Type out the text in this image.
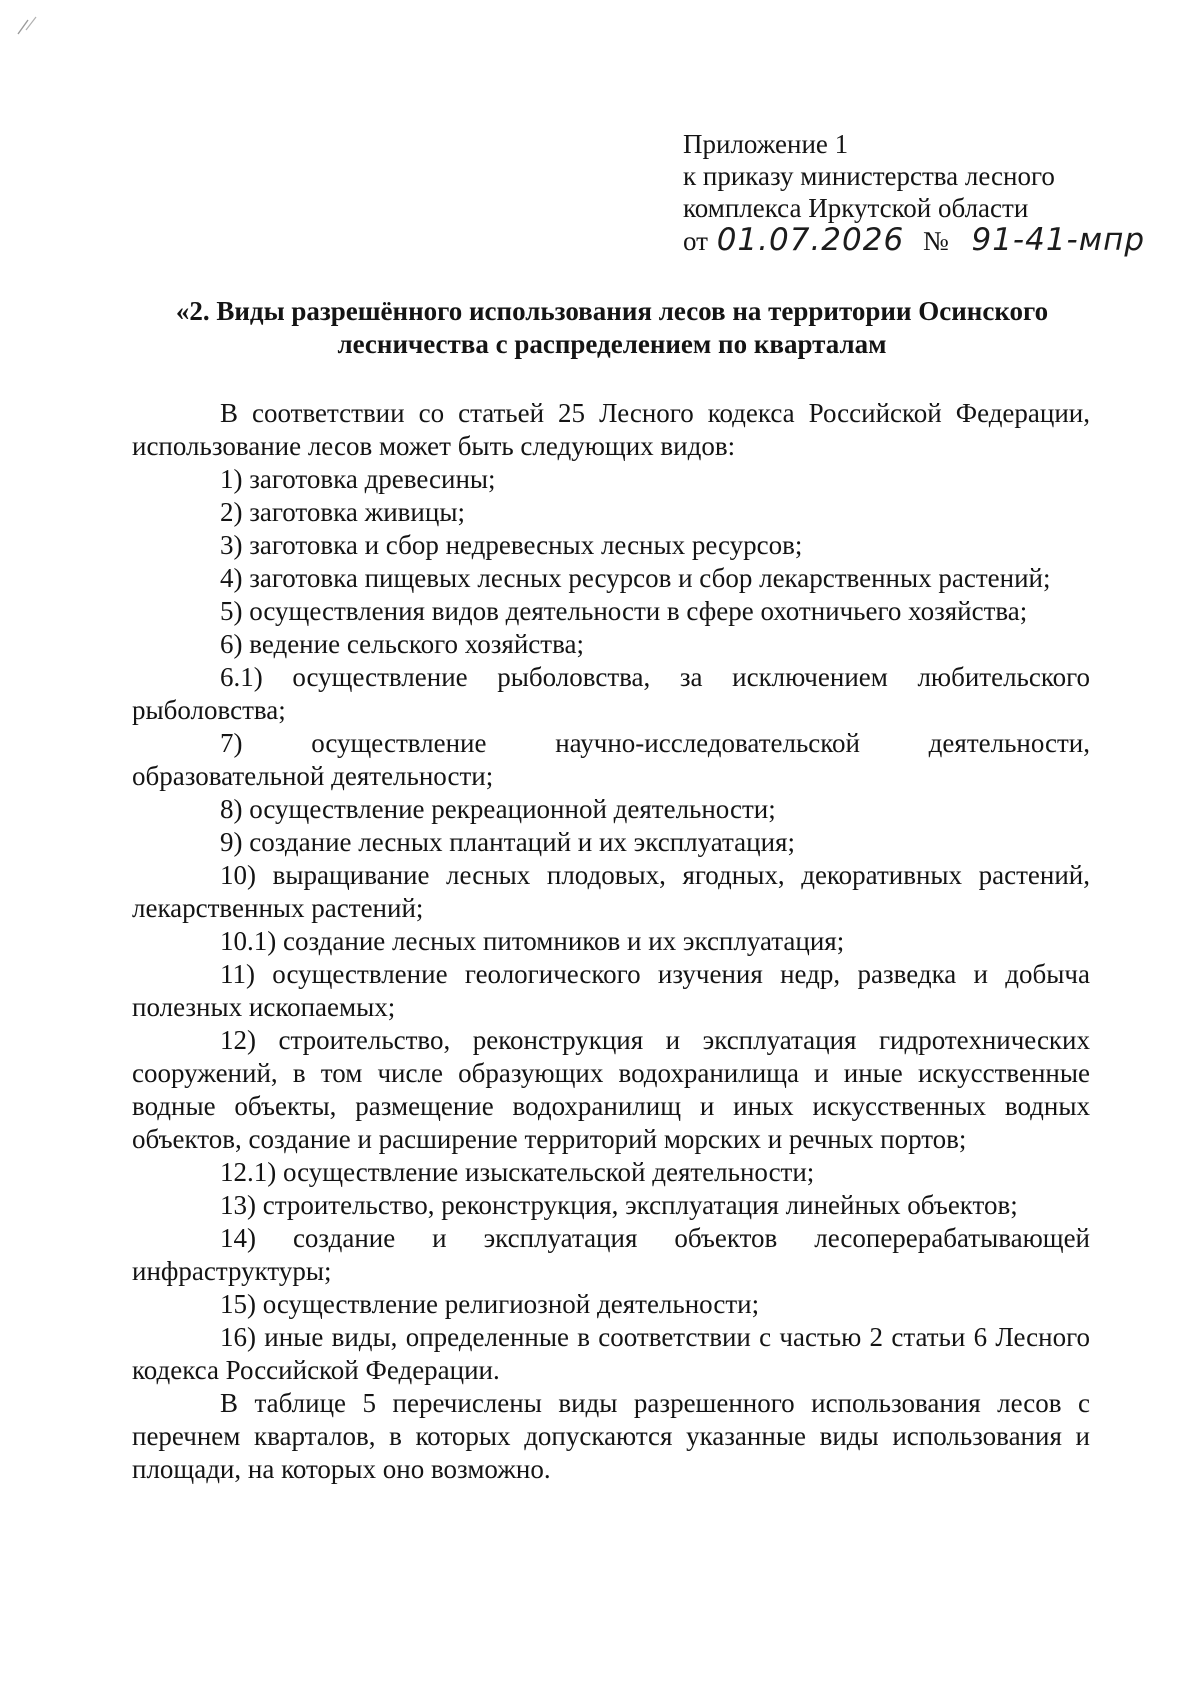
Приложение 1
к приказу министерства лесного
комплекса Иркутской области
от 01.07.2026 № 91-41-мпр
«2. Виды разрешённого использования лесов на территории Осинского
лесничества с распределением по кварталам

В соответствии со статьей 25 Лесного кодекса Российской Федерации, использование лесов может быть следующих видов:

1) заготовка древесины;

2) заготовка живицы;

3) заготовка и сбор недревесных лесных ресурсов;

4) заготовка пищевых лесных ресурсов и сбор лекарственных растений;

5) осуществления видов деятельности в сфере охотничьего хозяйства;

6) ведение сельского хозяйства;

6.1) осуществление рыболовства, за исключением любительского рыболовства;

7) осуществление научно-исследовательской деятельности, образовательной деятельности;

8) осуществление рекреационной деятельности;

9) создание лесных плантаций и их эксплуатация;

10) выращивание лесных плодовых, ягодных, декоративных растений, лекарственных растений;

10.1) создание лесных питомников и их эксплуатация;

11) осуществление геологического изучения недр, разведка и добыча полезных ископаемых;

12) строительство, реконструкция и эксплуатация гидротехнических сооружений, в том числе образующих водохранилища и иные искусственные водные объекты, размещение водохранилищ и иных искусственных водных объектов, создание и расширение территорий морских и речных портов;

12.1) осуществление изыскательской деятельности;

13) строительство, реконструкция, эксплуатация линейных объектов;

14) создание и эксплуатация объектов лесоперерабатывающей инфраструктуры;

15) осуществление религиозной деятельности;

16) иные виды, определенные в соответствии с частью 2 статьи 6 Лесного кодекса Российской Федерации.

В таблице 5 перечислены виды разрешенного использования лесов с перечнем кварталов, в которых допускаются указанные виды использования и площади, на которых оно возможно.
